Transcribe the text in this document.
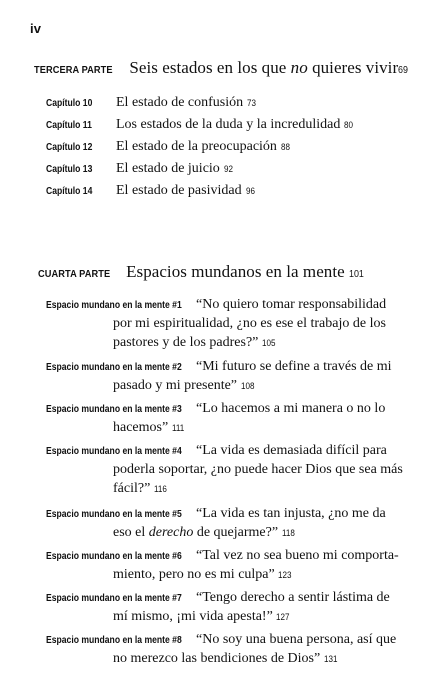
iv
TERCERA PARTE Seis estados en los que no quieres vivir69
Capítulo 10 El estado de confusión 73
Capítulo 11 Los estados de la duda y la incredulidad 80
Capítulo 12 El estado de la preocupación 88
Capítulo 13 El estado de juicio 92
Capítulo 14 El estado de pasividad 96
CUARTA PARTE Espacios mundanos en la mente 101
Espacio mundano en la mente #1 “No quiero tomar responsabilidad
por mi espiritualidad, ¿no es ese el trabajo de los
pastores y de los padres?” 105
Espacio mundano en la mente #2 “Mi futuro se define a través de mi
pasado y mi presente” 108
Espacio mundano en la mente #3 “Lo hacemos a mi manera o no lo
hacemos” 111
Espacio mundano en la mente #4 “La vida es demasiada difícil para
poderla soportar, ¿no puede hacer Dios que sea más
fácil?” 116
Espacio mundano en la mente #5 “La vida es tan injusta, ¿no me da
eso el derecho de quejarme?” 118
Espacio mundano en la mente #6 “Tal vez no sea bueno mi comporta-
miento, pero no es mi culpa” 123
Espacio mundano en la mente #7 “Tengo derecho a sentir lástima de
mí mismo, ¡mi vida apesta!” 127
Espacio mundano en la mente #8 “No soy una buena persona, así que
no merezco las bendiciones de Dios” 131
